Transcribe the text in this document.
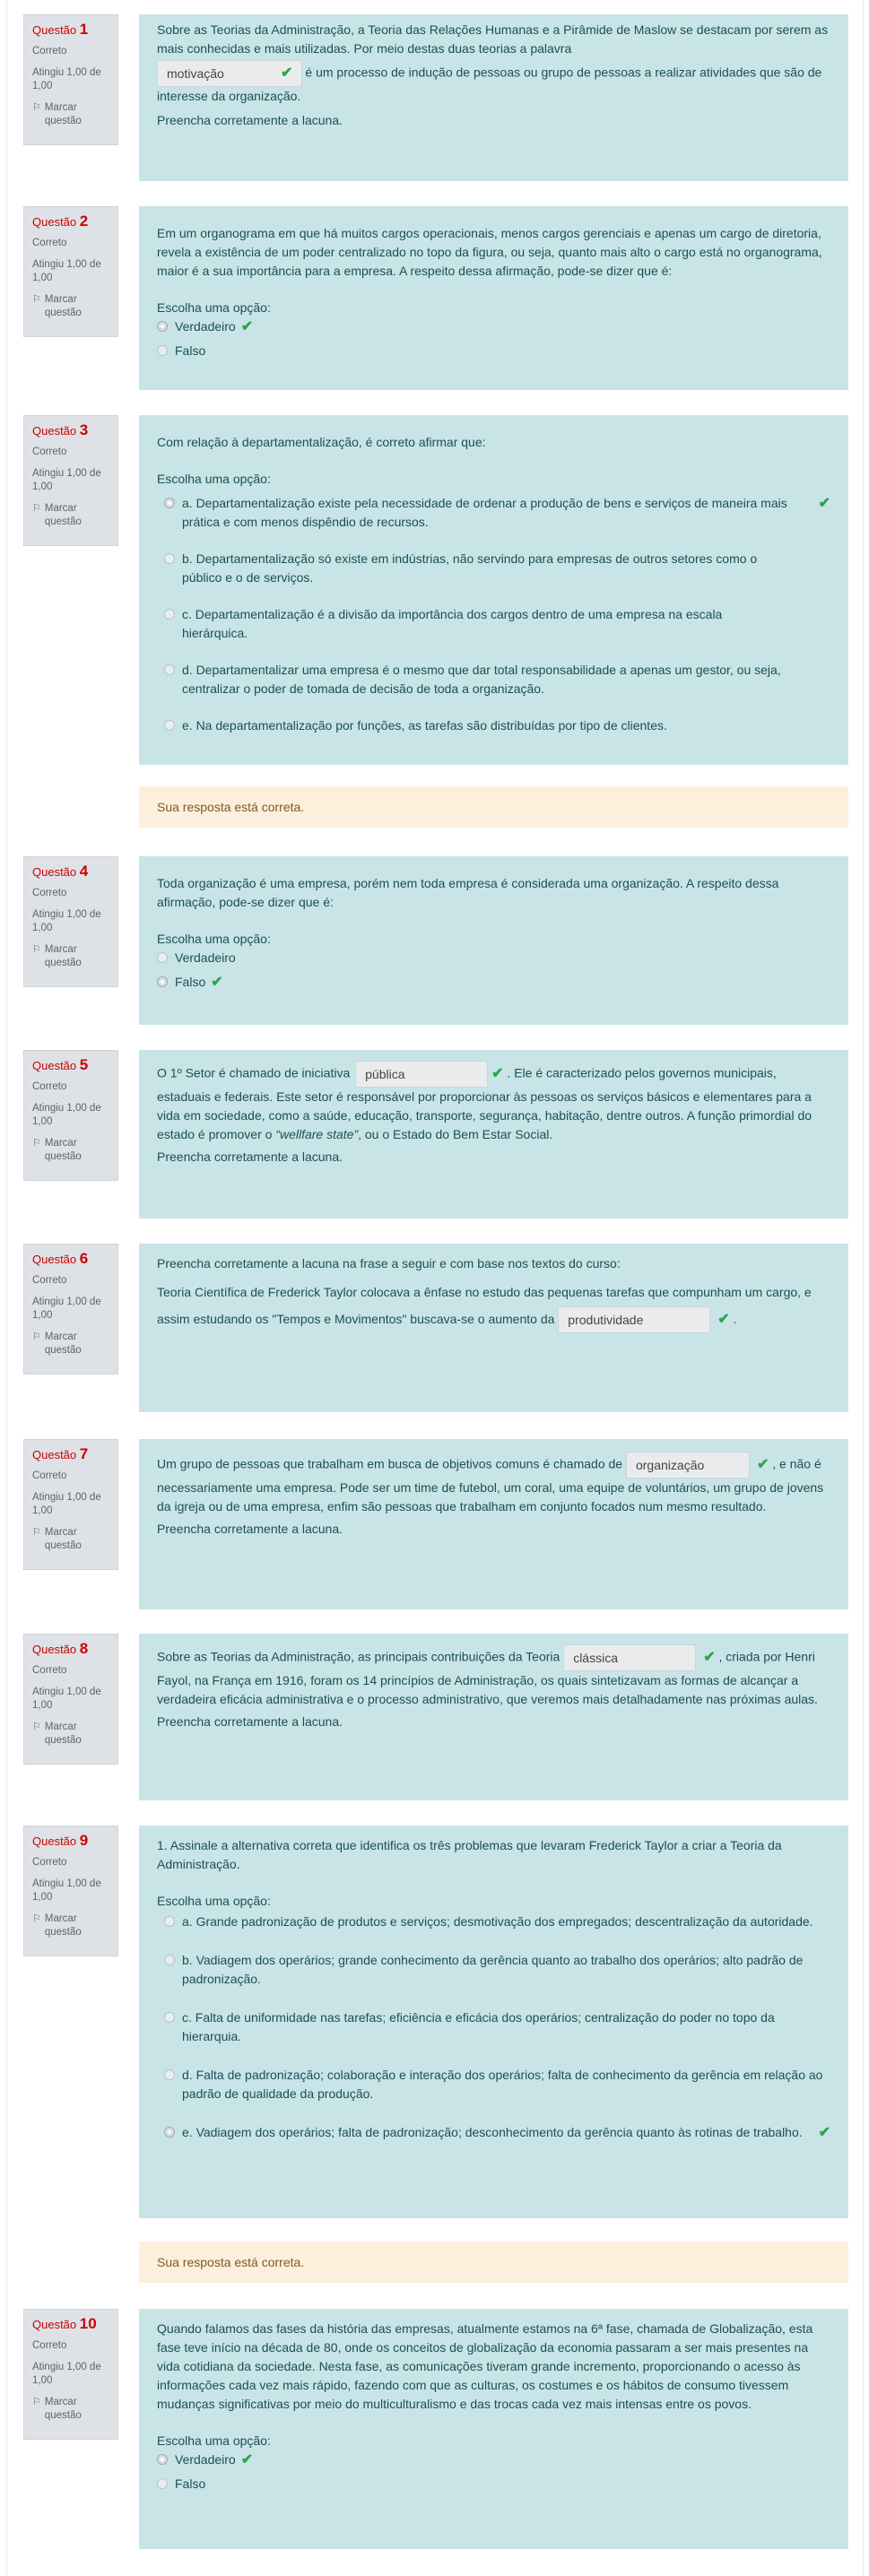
Questão 1
Correto
Atingiu 1,00 de 1,00
⚐ Marcar questão

Sobre as Teorias da Administração, a Teoria das Relações Humanas e a Pirâmide de Maslow se destacam por serem as mais conhecidas e mais utilizadas. Por meio destas duas teorias a palavra

motivação	✔ é um processo de indução de pessoas ou grupo de pessoas a realizar atividades que são de interesse da organização.

Preencha corretamente a lacuna.

Questão 2
Correto
Atingiu 1,00 de 1,00
⚐ Marcar questão

Em um organograma em que há muitos cargos operacionais, menos cargos gerenciais e apenas um cargo de diretoria, revela a existência de um poder centralizado no topo da figura, ou seja, quanto mais alto o cargo está no organograma, maior é a sua importância para a empresa. A respeito dessa afirmação, pode-se dizer que é:

Escolha uma opção:

Verdadeiro ✔
Falso
Questão 3
Correto
Atingiu 1,00 de 1,00
⚐ Marcar questão

Com relação à departamentalização, é correto afirmar que:

Escolha uma opção:

a. Departamentalização existe pela necessidade de ordenar a produção de bens e serviços de maneira mais prática e com menos dispêndio de recursos.
✔
b. Departamentalização só existe em indústrias, não servindo para empresas de outros setores como o público e o de serviços.
c. Departamentalização é a divisão da importância dos cargos dentro de uma empresa na escala hierárquica.
d. Departamentalizar uma empresa é o mesmo que dar total responsabilidade a apenas um gestor, ou seja, centralizar o poder de tomada de decisão de toda a organização.
e. Na departamentalização por funções, as tarefas são distribuídas por tipo de clientes.
Sua resposta está correta.
Questão 4
Correto
Atingiu 1,00 de 1,00
⚐ Marcar questão

Toda organização é uma empresa, porém nem toda empresa é considerada uma organização. A respeito dessa afirmação, pode-se dizer que é:

Escolha uma opção:

Verdadeiro
Falso ✔
Questão 5
Correto
Atingiu 1,00 de 1,00
⚐ Marcar questão

O 1º Setor é chamado de iniciativa pública	✔ . Ele é caracterizado pelos governos municipais, estaduais e federais. Este setor é responsável por proporcionar às pessoas os serviços básicos e elementares para a vida em sociedade, como a saúde, educação, transporte, segurança, habitação, dentre outros. A função primordial do estado é promover o “wellfare state”, ou o Estado do Bem Estar Social.

Preencha corretamente a lacuna.

Questão 6
Correto
Atingiu 1,00 de 1,00
⚐ Marcar questão

Preencha corretamente a lacuna na frase a seguir e com base nos textos do curso:

Teoria Científica de Frederick Taylor colocava a ênfase no estudo das pequenas tarefas que compunham um cargo, e assim estudando os "Tempos e Movimentos" buscava-se o aumento da produtividade	✔ .

Questão 7
Correto
Atingiu 1,00 de 1,00
⚐ Marcar questão

Um grupo de pessoas que trabalham em busca de objetivos comuns é chamado de organização	✔ , e não é necessariamente uma empresa. Pode ser um time de futebol, um coral, uma equipe de voluntários, um grupo de jovens da igreja ou de uma empresa, enfim são pessoas que trabalham em conjunto focados num mesmo resultado.

Preencha corretamente a lacuna.

Questão 8
Correto
Atingiu 1,00 de 1,00
⚐ Marcar questão

Sobre as Teorias da Administração, as principais contribuições da Teoria clássica	✔ , criada por Henri Fayol, na França em 1916, foram os 14 princípios de Administração, os quais sintetizavam as formas de alcançar a verdadeira eficácia administrativa e o processo administrativo, que veremos mais detalhadamente nas próximas aulas.

Preencha corretamente a lacuna.

Questão 9
Correto
Atingiu 1,00 de 1,00
⚐ Marcar questão

1. Assinale a alternativa correta que identifica os três problemas que levaram Frederick Taylor a criar a Teoria da Administração.

Escolha uma opção:

a. Grande padronização de produtos e serviços; desmotivação dos empregados; descentralização da autoridade.
b. Vadiagem dos operários; grande conhecimento da gerência quanto ao trabalho dos operários; alto padrão de padronização.
c. Falta de uniformidade nas tarefas; eficiência e eficácia dos operários; centralização do poder no topo da hierarquia.
d. Falta de padronização; colaboração e interação dos operários; falta de conhecimento da gerência em relação ao padrão de qualidade da produção.
e. Vadiagem dos operários; falta de padronização; desconhecimento da gerência quanto às rotinas de trabalho.	✔
Sua resposta está correta.
Questão 10
Correto
Atingiu 1,00 de 1,00
⚐ Marcar questão

Quando falamos das fases da história das empresas, atualmente estamos na 6ª fase, chamada de Globalização, esta fase teve início na década de 80, onde os conceitos de globalização da economia passaram a ser mais presentes na vida cotidiana da sociedade. Nesta fase, as comunicações tiveram grande incremento, proporcionando o acesso às informações cada vez mais rápido, fazendo com que as culturas, os costumes e os hábitos de consumo tivessem mudanças significativas por meio do multiculturalismo e das trocas cada vez mais intensas entre os povos.

Escolha uma opção:

Verdadeiro ✔
Falso
